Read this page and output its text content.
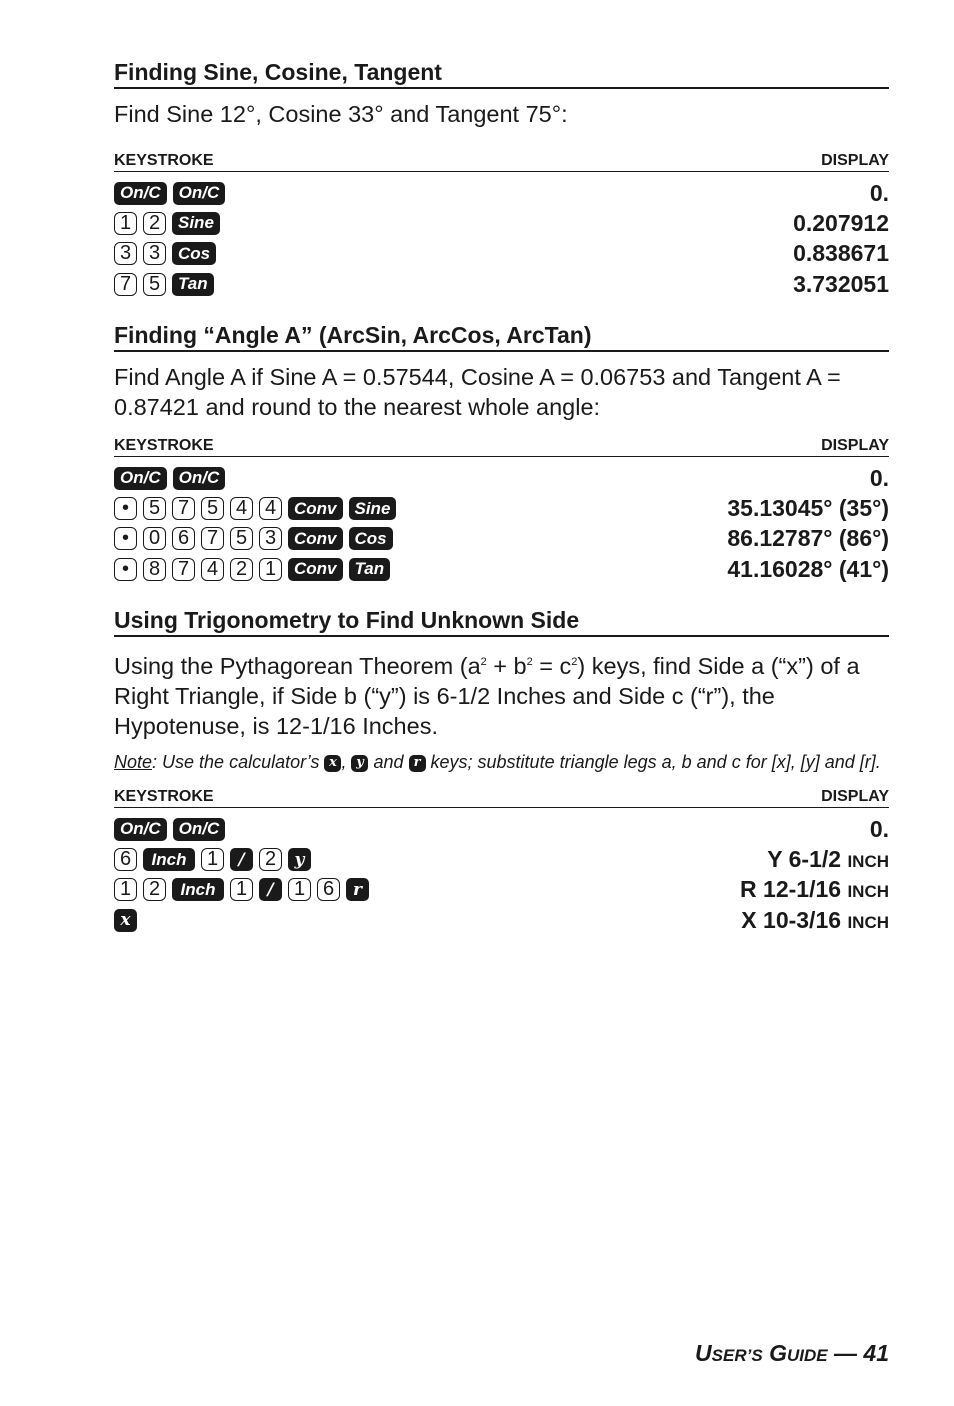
Finding Sine, Cosine, Tangent

Find Sine 12°, Cosine 33° and Tangent 75°:

KEYSTROKE	DISPLAY
On/C	On/C	0.
1 2	Sine	0.207912
3 3	Cos	0.838671
7 5	Tan	3.732051
Finding “Angle A” (ArcSin, ArcCos, ArcTan)

Find Angle A if Sine A = 0.57544, Cosine A = 0.06753 and Tangent A = 0.87421 and round to the nearest whole angle:

KEYSTROKE	DISPLAY
On/C	On/C	0.
• 5 7 5 4 4	Conv	Sine	35.13045° (35°)
• 0 6 7 5 3	Conv	Cos	86.12787° (86°)
• 8 7 4 2 1	Conv	Tan	41.16028° (41°)
Using Trigonometry to Find Unknown Side

Using the Pythagorean Theorem $(a^2 + b^2 = c^2)$ keys, find Side a (“x”) of a Right Triangle, if Side b (“y”) is 6-1/2 Inches and Side c (“r”), the Hypotenuse, is 12-1/16 Inches.

Note: Use the calculator’s x , y and r keys; substitute triangle legs a, b and c for [x], [y] and [r].

KEYSTROKE	DISPLAY
On/C	On/C	0.
6	Inch	1	/	2	y	Y 6-1/2 INCH
1 2	Inch	1	/	1 6	r	R 12-1/16 INCH
x	X 10-3/16 INCH
USER’S GUIDE — 41
